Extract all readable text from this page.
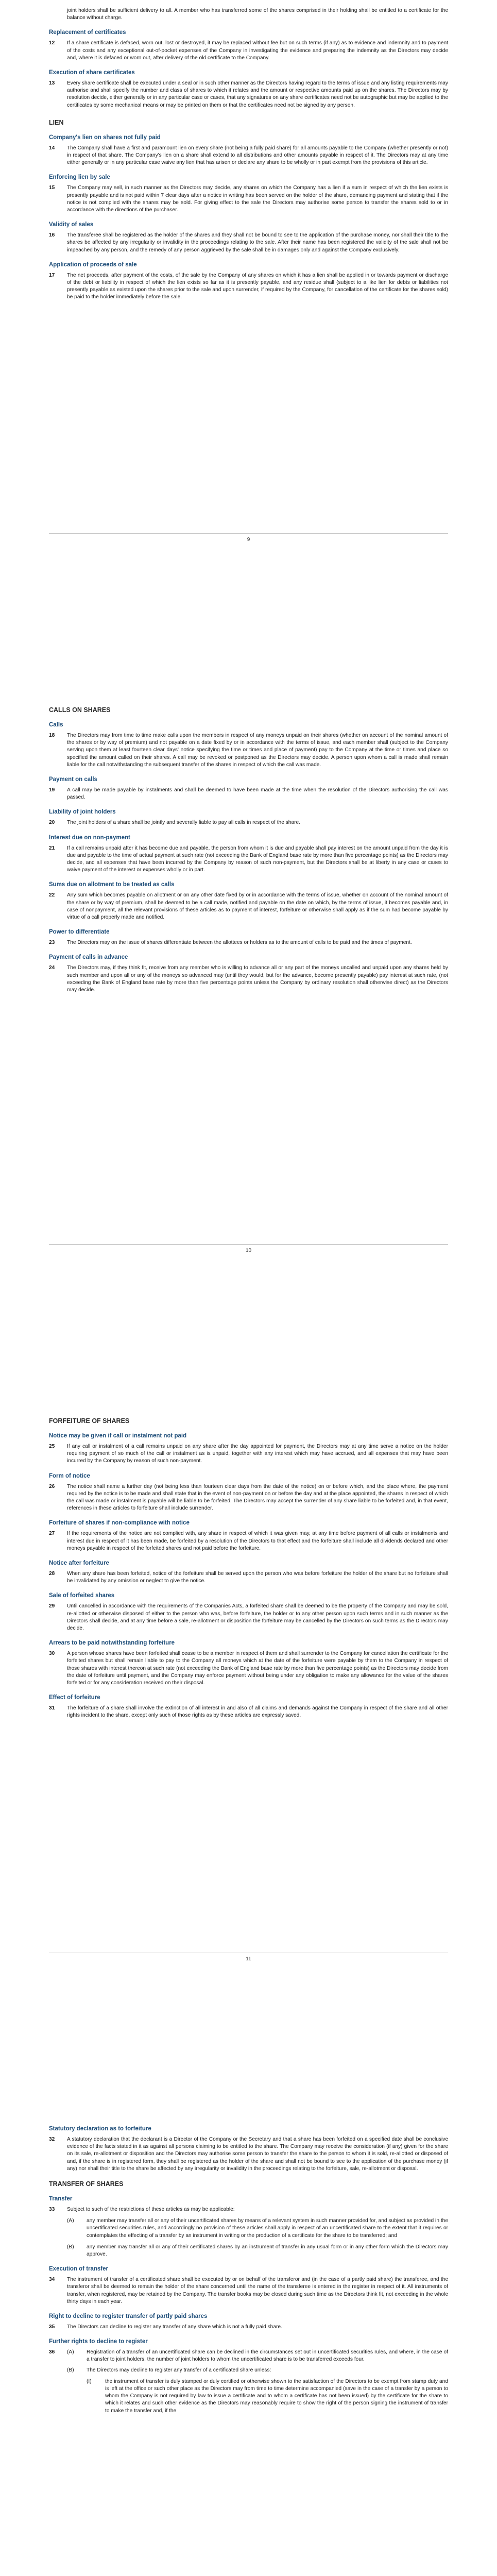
joint holders shall be sufficient delivery to all. A member who has transferred some of the shares comprised in their holding shall be entitled to a certificate for the balance without charge.
Replacement of certificates
12	If a share certificate is defaced, worn out, lost or destroyed, it may be replaced without fee but on such terms (if any) as to evidence and indemnity and to payment of the costs and any exceptional out-of-pocket expenses of the Company in investigating the evidence and preparing the indemnity as the Directors may decide and, where it is defaced or worn out, after delivery of the old certificate to the Company.
Execution of share certificates
13	Every share certificate shall be executed under a seal or in such other manner as the Directors having regard to the terms of issue and any listing requirements may authorise and shall specify the number and class of shares to which it relates and the amount or respective amounts paid up on the shares. The Directors may by resolution decide, either generally or in any particular case or cases, that any signatures on any share certificates need not be autographic but may be applied to the certificates by some mechanical means or may be printed on them or that the certificates need not be signed by any person.
LIEN
Company's lien on shares not fully paid
14	The Company shall have a first and paramount lien on every share (not being a fully paid share) for all amounts payable to the Company (whether presently or not) in respect of that share. The Company's lien on a share shall extend to all distributions and other amounts payable in respect of it. The Directors may at any time either generally or in any particular case waive any lien that has arisen or declare any share to be wholly or in part exempt from the provisions of this article.
Enforcing lien by sale
15	The Company may sell, in such manner as the Directors may decide, any shares on which the Company has a lien if a sum in respect of which the lien exists is presently payable and is not paid within 7 clear days after a notice in writing has been served on the holder of the share, demanding payment and stating that if the notice is not complied with the shares may be sold. For giving effect to the sale the Directors may authorise some person to transfer the shares sold to or in accordance with the directions of the purchaser.
Validity of sales
16	The transferee shall be registered as the holder of the shares and they shall not be bound to see to the application of the purchase money, nor shall their title to the shares be affected by any irregularity or invalidity in the proceedings relating to the sale. After their name has been registered the validity of the sale shall not be impeached by any person, and the remedy of any person aggrieved by the sale shall be in damages only and against the Company exclusively.
Application of proceeds of sale
17	The net proceeds, after payment of the costs, of the sale by the Company of any shares on which it has a lien shall be applied in or towards payment or discharge of the debt or liability in respect of which the lien exists so far as it is presently payable, and any residue shall (subject to a like lien for debts or liabilities not presently payable as existed upon the shares prior to the sale and upon surrender, if required by the Company, for cancellation of the certificate for the shares sold) be paid to the holder immediately before the sale.
9
CALLS ON SHARES
Calls
18	The Directors may from time to time make calls upon the members in respect of any moneys unpaid on their shares (whether on account of the nominal amount of the shares or by way of premium) and not payable on a date fixed by or in accordance with the terms of issue, and each member shall (subject to the Company serving upon them at least fourteen clear days' notice specifying the time or times and place of payment) pay to the Company at the time or times and place so specified the amount called on their shares. A call may be revoked or postponed as the Directors may decide. A person upon whom a call is made shall remain liable for the call notwithstanding the subsequent transfer of the shares in respect of which the call was made.
Payment on calls
19	A call may be made payable by instalments and shall be deemed to have been made at the time when the resolution of the Directors authorising the call was passed.
Liability of joint holders
20	The joint holders of a share shall be jointly and severally liable to pay all calls in respect of the share.
Interest due on non-payment
21	If a call remains unpaid after it has become due and payable, the person from whom it is due and payable shall pay interest on the amount unpaid from the day it is due and payable to the time of actual payment at such rate (not exceeding the Bank of England base rate by more than five percentage points) as the Directors may decide, and all expenses that have been incurred by the Company by reason of such non-payment, but the Directors shall be at liberty in any case or cases to waive payment of the interest or expenses wholly or in part.
Sums due on allotment to be treated as calls
22	Any sum which becomes payable on allotment or on any other date fixed by or in accordance with the terms of issue, whether on account of the nominal amount of the share or by way of premium, shall be deemed to be a call made, notified and payable on the date on which, by the terms of issue, it becomes payable and, in case of nonpayment, all the relevant provisions of these articles as to payment of interest, forfeiture or otherwise shall apply as if the sum had become payable by virtue of a call properly made and notified.
Power to differentiate
23	The Directors may on the issue of shares differentiate between the allottees or holders as to the amount of calls to be paid and the times of payment.
Payment of calls in advance
24	The Directors may, if they think fit, receive from any member who is willing to advance all or any part of the moneys uncalled and unpaid upon any shares held by such member and upon all or any of the moneys so advanced may (until they would, but for the advance, become presently payable) pay interest at such rate, (not exceeding the Bank of England base rate by more than five percentage points unless the Company by ordinary resolution shall otherwise direct) as the Directors may decide.
10
FORFEITURE OF SHARES
Notice may be given if call or instalment not paid
25	If any call or instalment of a call remains unpaid on any share after the day appointed for payment, the Directors may at any time serve a notice on the holder requiring payment of so much of the call or instalment as is unpaid, together with any interest which may have accrued, and all expenses that may have been incurred by the Company by reason of such non-payment.
Form of notice
26	The notice shall name a further day (not being less than fourteen clear days from the date of the notice) on or before which, and the place where, the payment required by the notice is to be made and shall state that in the event of non-payment on or before the day and at the place appointed, the shares in respect of which the call was made or instalment is payable will be liable to be forfeited. The Directors may accept the surrender of any share liable to be forfeited and, in that event, references in these articles to forfeiture shall include surrender.
Forfeiture of shares if non-compliance with notice
27	If the requirements of the notice are not complied with, any share in respect of which it was given may, at any time before payment of all calls or instalments and interest due in respect of it has been made, be forfeited by a resolution of the Directors to that effect and the forfeiture shall include all dividends declared and other moneys payable in respect of the forfeited shares and not paid before the forfeiture.
Notice after forfeiture
28	When any share has been forfeited, notice of the forfeiture shall be served upon the person who was before forfeiture the holder of the share but no forfeiture shall be invalidated by any omission or neglect to give the notice.
Sale of forfeited shares
29	Until cancelled in accordance with the requirements of the Companies Acts, a forfeited share shall be deemed to be the property of the Company and may be sold, re-allotted or otherwise disposed of either to the person who was, before forfeiture, the holder or to any other person upon such terms and in such manner as the Directors shall decide, and at any time before a sale, re-allotment or disposition the forfeiture may be cancelled by the Directors on such terms as the Directors may decide.
Arrears to be paid notwithstanding forfeiture
30	A person whose shares have been forfeited shall cease to be a member in respect of them and shall surrender to the Company for cancellation the certificate for the forfeited shares but shall remain liable to pay to the Company all moneys which at the date of the forfeiture were payable by them to the Company in respect of those shares with interest thereon at such rate (not exceeding the Bank of England base rate by more than five percentage points) as the Directors may decide from the date of forfeiture until payment, and the Company may enforce payment without being under any obligation to make any allowance for the value of the shares forfeited or for any consideration received on their disposal.
Effect of forfeiture
31	The forfeiture of a share shall involve the extinction of all interest in and also of all claims and demands against the Company in respect of the share and all other rights incident to the share, except only such of those rights as by these articles are expressly saved.
11
Statutory declaration as to forfeiture
32	A statutory declaration that the declarant is a Director of the Company or the Secretary and that a share has been forfeited on a specified date shall be conclusive evidence of the facts stated in it as against all persons claiming to be entitled to the share. The Company may receive the consideration (if any) given for the share on its sale, re-allotment or disposition and the Directors may authorise some person to transfer the share to the person to whom it is sold, re-allotted or disposed of and, if the share is in registered form, they shall be registered as the holder of the share and shall not be bound to see to the application of the purchase money (if any) nor shall their title to the share be affected by any irregularity or invalidity in the proceedings relating to the forfeiture, sale, re-allotment or disposal.
TRANSFER OF SHARES
Transfer
33	Subject to such of the restrictions of these articles as may be applicable:
(A)	any member may transfer all or any of their uncertificated shares by means of a relevant system in such manner provided for, and subject as provided in the uncertificated securities rules, and accordingly no provision of these articles shall apply in respect of an uncertificated share to the extent that it requires or contemplates the effecting of a transfer by an instrument in writing or the production of a certificate for the share to be transferred; and
(B)	any member may transfer all or any of their certificated shares by an instrument of transfer in any usual form or in any other form which the Directors may approve.
Execution of transfer
34	The instrument of transfer of a certificated share shall be executed by or on behalf of the transferor and (in the case of a partly paid share) the transferee, and the transferor shall be deemed to remain the holder of the share concerned until the name of the transferee is entered in the register in respect of it. All instruments of transfer, when registered, may be retained by the Company. The transfer books may be closed during such time as the Directors think fit, not exceeding in the whole thirty days in each year.
Right to decline to register transfer of partly paid shares
35	The Directors can decline to register any transfer of any share which is not a fully paid share.
Further rights to decline to register
36	(A)	Registration of a transfer of an uncertificated share can be declined in the circumstances set out in uncertificated securities rules, and where, in the case of a transfer to joint holders, the number of joint holders to whom the uncertificated share is to be transferred exceeds four.
(B)	The Directors may decline to register any transfer of a certificated share unless:
(I)	the instrument of transfer is duly stamped or duly certified or otherwise shown to the satisfaction of the Directors to be exempt from stamp duty and is left at the office or such other place as the Directors may from time to time determine accompanied (save in the case of a transfer by a person to whom the Company is not required by law to issue a certificate and to whom a certificate has not been issued) by the certificate for the share to which it relates and such other evidence as the Directors may reasonably require to show the right of the person signing the instrument of transfer to make the transfer and, if the
